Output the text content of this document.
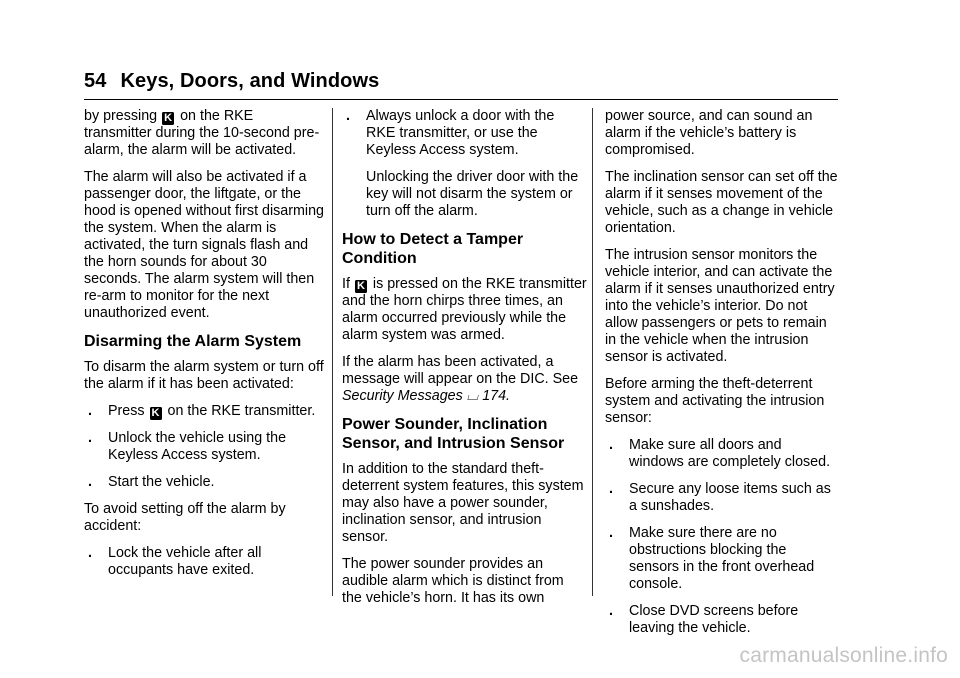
54 Keys, Doors, and Windows

by pressing K on the RKE transmitter during the 10-second pre-alarm, the alarm will be activated.

The alarm will also be activated if a passenger door, the liftgate, or the hood is opened without first disarming the system. When the alarm is activated, the turn signals flash and the horn sounds for about 30 seconds. The alarm system will then re-arm to monitor for the next unauthorized event.

Disarming the Alarm System

To disarm the alarm system or turn off the alarm if it has been activated:

. Press K on the RKE transmitter.
. Unlock the vehicle using the Keyless Access system.
. Start the vehicle.

To avoid setting off the alarm by accident:

. Lock the vehicle after all occupants have exited.
. Always unlock a door with the RKE transmitter, or use the Keyless Access system.

Unlocking the driver door with the key will not disarm the system or turn off the alarm.

How to Detect a Tamper Condition

If K is pressed on the RKE transmitter and the horn chirps three times, an alarm occurred previously while the alarm system was armed.

If the alarm has been activated, a message will appear on the DIC. See Security Messages ⌴ 174.

Power Sounder, Inclination Sensor, and Intrusion Sensor

In addition to the standard theft-deterrent system features, this system may also have a power sounder, inclination sensor, and intrusion sensor.

The power sounder provides an audible alarm which is distinct from the vehicle’s horn. It has its own

power source, and can sound an alarm if the vehicle’s battery is compromised.

The inclination sensor can set off the alarm if it senses movement of the vehicle, such as a change in vehicle orientation.

The intrusion sensor monitors the vehicle interior, and can activate the alarm if it senses unauthorized entry into the vehicle’s interior. Do not allow passengers or pets to remain in the vehicle when the intrusion sensor is activated.

Before arming the theft-deterrent system and activating the intrusion sensor:

. Make sure all doors and windows are completely closed.
. Secure any loose items such as a sunshades.
. Make sure there are no obstructions blocking the sensors in the front overhead console.
. Close DVD screens before leaving the vehicle.
carmanualsonline.info
